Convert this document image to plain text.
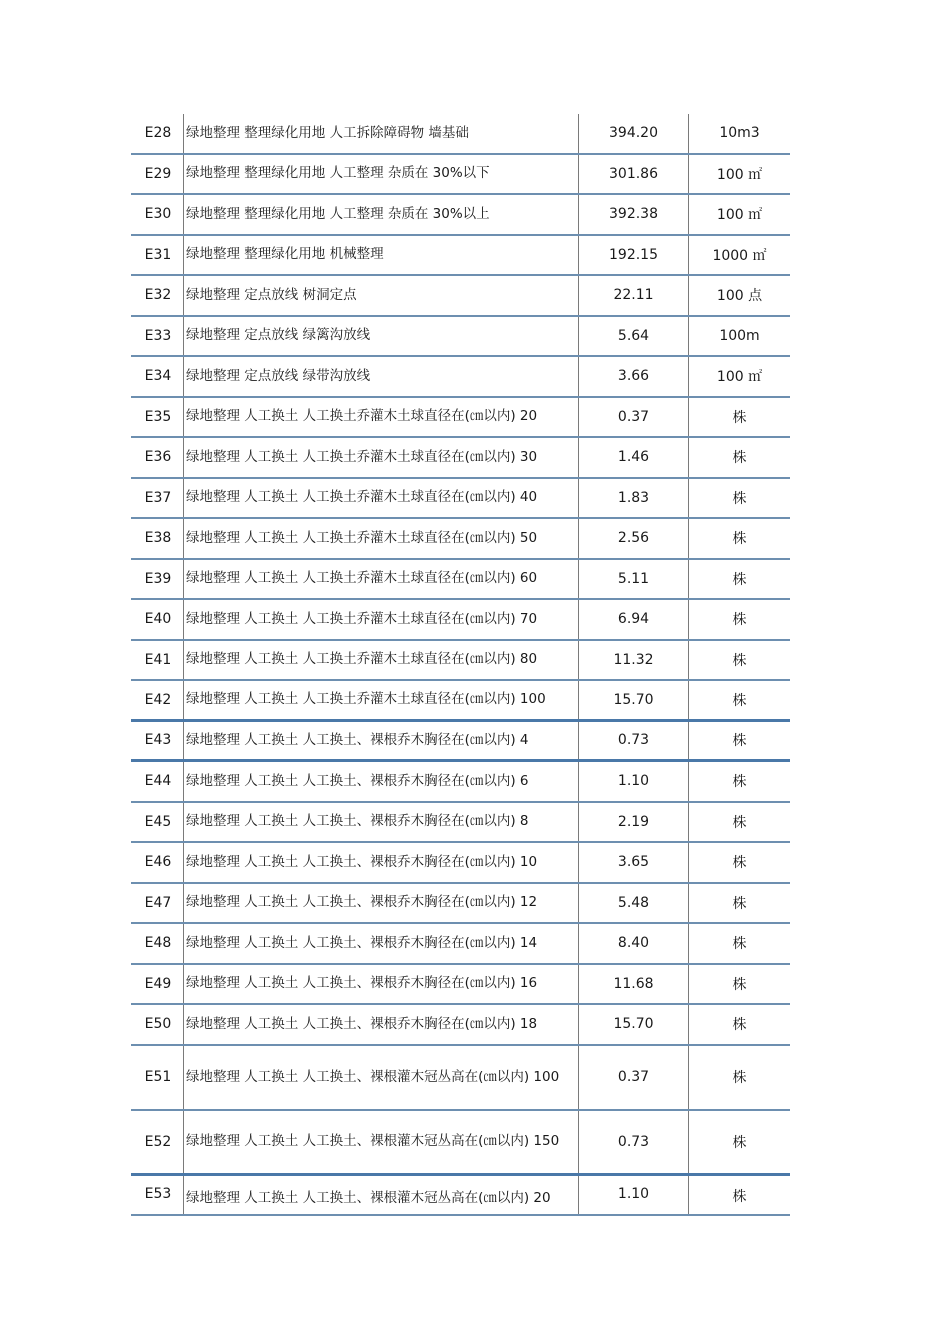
E28	绿地整理 整理绿化用地 人工拆除障碍物 墙基础	394.20	10m3
E29	绿地整理 整理绿化用地 人工整理 杂质在 30%以下	301.86	100 ㎡
E30	绿地整理 整理绿化用地 人工整理 杂质在 30%以上	392.38	100 ㎡
E31	绿地整理 整理绿化用地 机械整理	192.15	1000 ㎡
E32	绿地整理 定点放线 树洞定点	22.11	100 点
E33	绿地整理 定点放线 绿篱沟放线	5.64	100m
E34	绿地整理 定点放线 绿带沟放线	3.66	100 ㎡
E35	绿地整理 人工换土 人工换土乔灌木土球直径在(㎝以内) 20	0.37	株
E36	绿地整理 人工换土 人工换土乔灌木土球直径在(㎝以内) 30	1.46	株
E37	绿地整理 人工换土 人工换土乔灌木土球直径在(㎝以内) 40	1.83	株
E38	绿地整理 人工换土 人工换土乔灌木土球直径在(㎝以内) 50	2.56	株
E39	绿地整理 人工换土 人工换土乔灌木土球直径在(㎝以内) 60	5.11	株
E40	绿地整理 人工换土 人工换土乔灌木土球直径在(㎝以内) 70	6.94	株
E41	绿地整理 人工换土 人工换土乔灌木土球直径在(㎝以内) 80	11.32	株
E42	绿地整理 人工换土 人工换土乔灌木土球直径在(㎝以内) 100	15.70	株
E43	绿地整理 人工换土 人工换土、裸根乔木胸径在(㎝以内) 4	0.73	株
E44	绿地整理 人工换土 人工换土、裸根乔木胸径在(㎝以内) 6	1.10	株
E45	绿地整理 人工换土 人工换土、裸根乔木胸径在(㎝以内) 8	2.19	株
E46	绿地整理 人工换土 人工换土、裸根乔木胸径在(㎝以内) 10	3.65	株
E47	绿地整理 人工换土 人工换土、裸根乔木胸径在(㎝以内) 12	5.48	株
E48	绿地整理 人工换土 人工换土、裸根乔木胸径在(㎝以内) 14	8.40	株
E49	绿地整理 人工换土 人工换土、裸根乔木胸径在(㎝以内) 16	11.68	株
E50	绿地整理 人工换土 人工换土、裸根乔木胸径在(㎝以内) 18	15.70	株
E51	绿地整理 人工换土 人工换土、裸根灌木冠丛高在(㎝以内) 100	0.37	株
E52	绿地整理 人工换土 人工换土、裸根灌木冠丛高在(㎝以内) 150	0.73	株
E53	绿地整理 人工换土 人工换土、裸根灌木冠丛高在(㎝以内) 20	1.10	株
